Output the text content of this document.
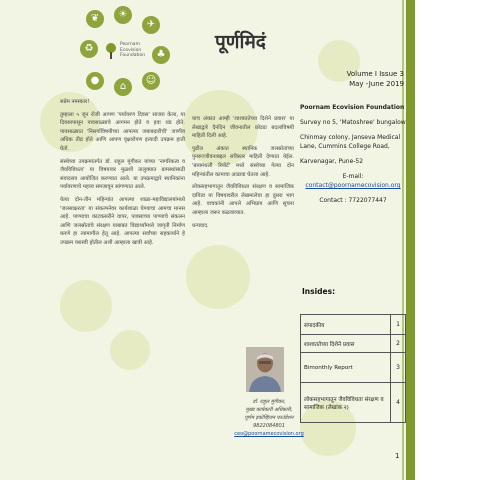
❦	☀
✈
♻
♣
●
⌂
☺
Poornam Ecovision Foundation
पूर्णमिदं
Volume I Issue 3
May -June 2019

सप्रेम नमस्कार!

तुम्हाला ५ जून रोजी आपण 'पर्यावरण दिवस' साजरा केला, या दिवसापासून पावसाळ्याचे आगमन होते व हवा थंड होते. पावसाळ्यात 'निसर्गाविषयीच्या आपल्या जबाबदारीची' जाणीव अधिक तीव्र होते आणि आपण वृक्षारोपण इत्यादी उपक्रम हाती घेतो.

संस्थेच्या उपक्रमांतर्गत डॉ. राहुल मुंगीकर यांच्या 'नागरिकत्व व जैवविविधता' या विषयावर मुळशी तालुक्यात ग्रामस्थांसाठी संवादसत्र आयोजित करण्यात आले. या उपक्रमाद्वारे स्थानिकांना पर्यावरणाचे महत्त्व समजावून सांगण्यात आले.

येत्या दोन-तीन महिन्यांत आपल्या शाळा-महाविद्यालयांमध्ये 'जलसाक्षरता' या संकल्पनेवर कार्यशाळा घेण्याचा आमचा मानस आहे. पाण्याचा काटकसरीने वापर, पावसाच्या पाण्याचे संकलन आणि जलस्रोतांचे संरक्षण याबाबत विद्यार्थ्यांमध्ये जागृती निर्माण करणे हा त्यामागील हेतू आहे. आपल्या सर्वांच्या सहकार्याने हे उपक्रम यशस्वी होतील अशी आम्हाला खात्री आहे.

याच अंकात आम्ही 'शाश्वततेच्या दिशेने प्रवास' या लेखाद्वारे दैनंदिन जीवनातील छोट्या बदलांविषयी माहिती दिली आहे.

पुढील अंकात स्थानिक जलस्रोतांच्या पुनरुज्जीवनाबद्दल सविस्तर माहिती देण्यात येईल. 'बायमंथली रिपोर्ट' मध्ये संस्थेच्या गेल्या दोन महिन्यांतील कामाचा आढावा घेतला आहे.

लोकसहभागातून जैवविविधता संरक्षण व सामाजिक दायित्व या विषयावरील लेखमालेचा हा दुसरा भाग आहे. वाचकांनी आपले अभिप्राय आणि सूचना आम्हाला जरूर कळवाव्यात.

धन्यवाद.

डॉ. राहुल मुंगीकर,
मुख्य कार्यकारी अधिकारी,
पूर्णम इकोव्हिजन फाउंडेशन
9822084801
ceo@poornamecovision.org
Poornam Ecovision Foundation
Survey no 5, 'Matoshree' bungalow
Chinmay colony, Janseva Medical Lane, Cummins College Road,
Karvenagar, Pune-52
E-mail:
contact@poornamecovision.org
Contact : 7722077447
Insides:
संपादकीय	1
शाश्वततेच्या दिशेने प्रवास	2
Bimonthly Report	3
लोकसहभागातून जैवविविधता संरक्षण व सामाजिक (लेखांक २)	4
1
